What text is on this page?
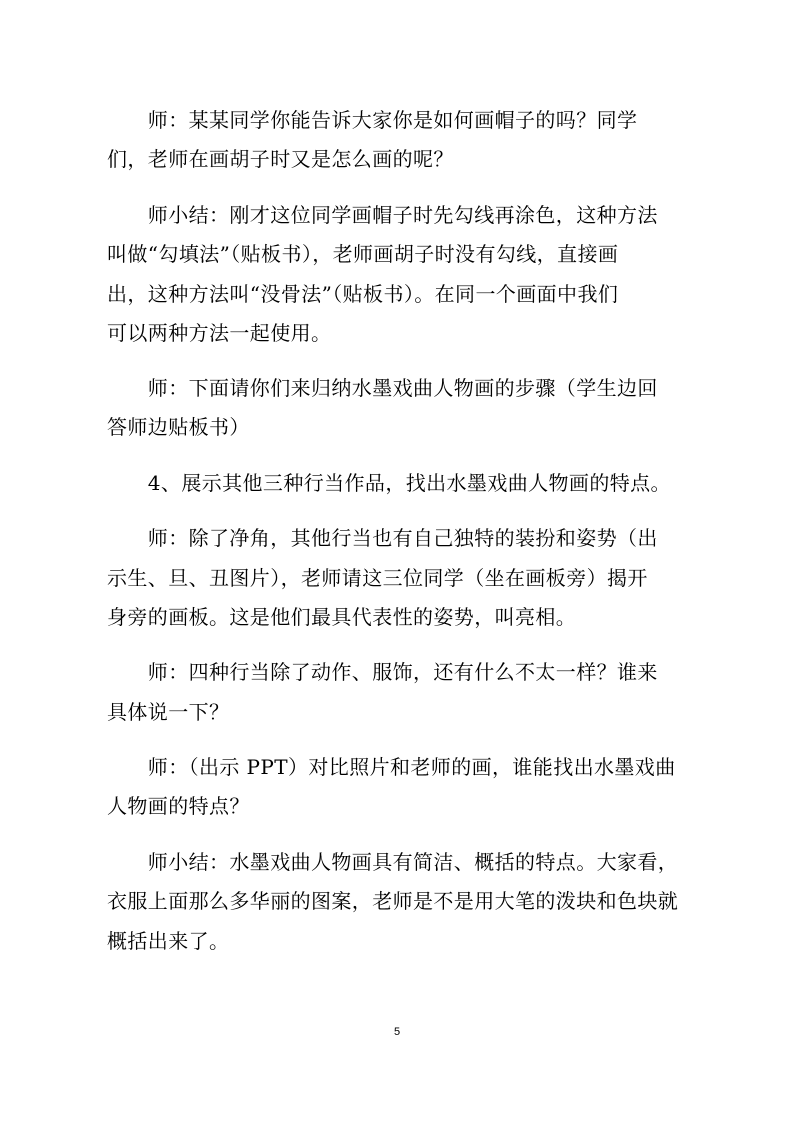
　　师：某某同学你能告诉大家你是如何画帽子的吗？同学
们，老师在画胡子时又是怎么画的呢？
　　师小结：刚才这位同学画帽子时先勾线再涂色，这种方法
叫做“勾填法”（贴板书），老师画胡子时没有勾线，直接画
出，这种方法叫“没骨法”（贴板书）。在同一个画面中我们
可以两种方法一起使用。
　　师：下面请你们来归纳水墨戏曲人物画的步骤（学生边回
答师边贴板书）
　　4、展示其他三种行当作品，找出水墨戏曲人物画的特点。
　　师：除了净角，其他行当也有自己独特的装扮和姿势（出
示生、旦、丑图片），老师请这三位同学（坐在画板旁）揭开
身旁的画板。这是他们最具代表性的姿势，叫亮相。
　　师：四种行当除了动作、服饰，还有什么不太一样？谁来
具体说一下？
　　师：（出示 PPT）对比照片和老师的画，谁能找出水墨戏曲
人物画的特点？
　　师小结：水墨戏曲人物画具有简洁、概括的特点。大家看，
衣服上面那么多华丽的图案，老师是不是用大笔的泼块和色块就
概括出来了。
5
